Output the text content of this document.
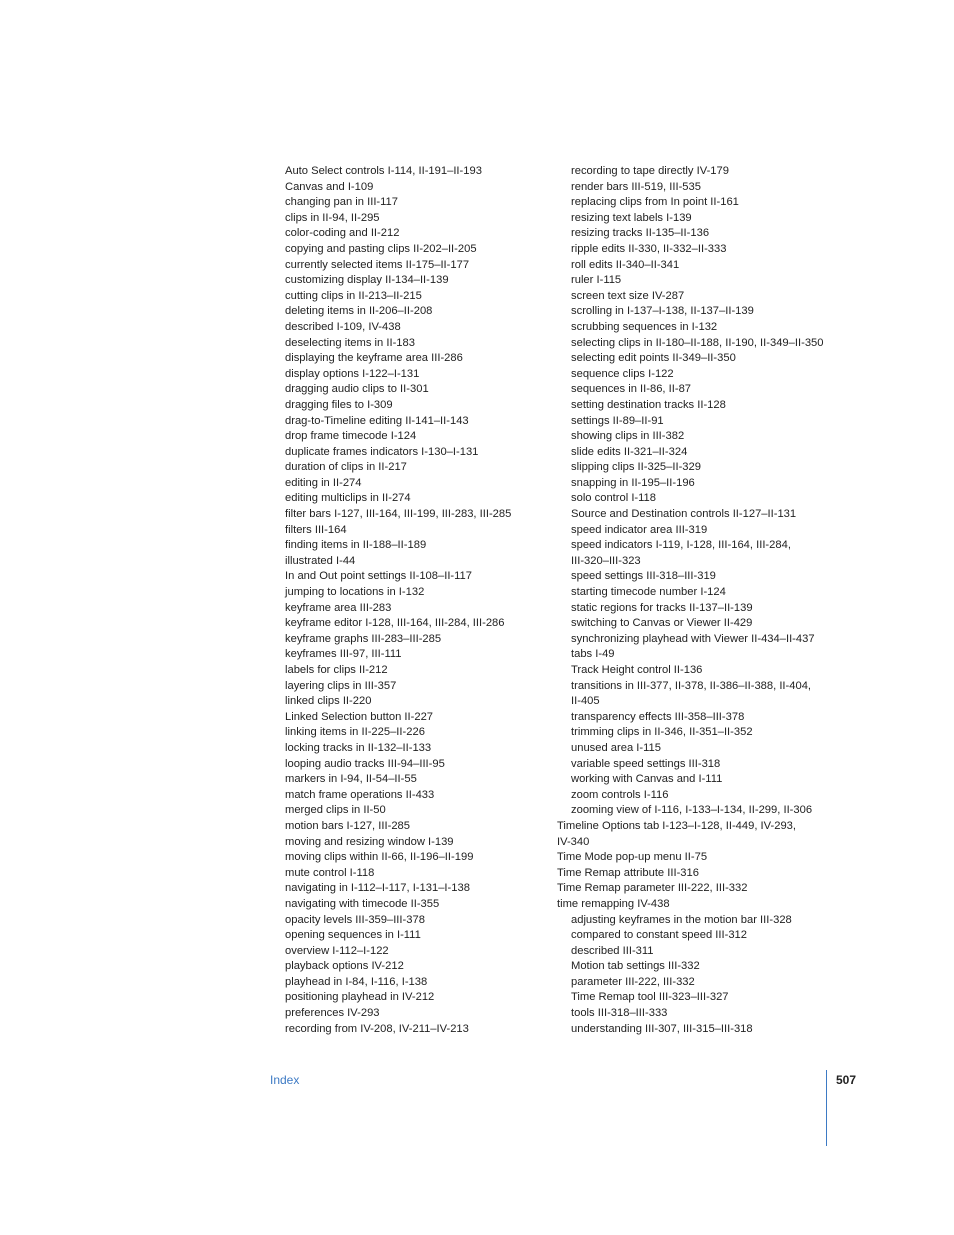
Auto Select controls I-114, II-191–II-193
Canvas and I-109
changing pan in III-117
clips in II-94, II-295
color-coding and II-212
copying and pasting clips II-202–II-205
currently selected items II-175–II-177
customizing display II-134–II-139
cutting clips in II-213–II-215
deleting items in II-206–II-208
described I-109, IV-438
deselecting items in II-183
displaying the keyframe area III-286
display options I-122–I-131
dragging audio clips to II-301
dragging files to I-309
drag-to-Timeline editing II-141–II-143
drop frame timecode I-124
duplicate frames indicators I-130–I-131
duration of clips in II-217
editing in II-274
editing multiclips in II-274
filter bars I-127, III-164, III-199, III-283, III-285
filters III-164
finding items in II-188–II-189
illustrated I-44
In and Out point settings II-108–II-117
jumping to locations in I-132
keyframe area III-283
keyframe editor I-128, III-164, III-284, III-286
keyframe graphs III-283–III-285
keyframes III-97, III-111
labels for clips II-212
layering clips in III-357
linked clips II-220
Linked Selection button II-227
linking items in II-225–II-226
locking tracks in II-132–II-133
looping audio tracks III-94–III-95
markers in I-94, II-54–II-55
match frame operations II-433
merged clips in II-50
motion bars I-127, III-285
moving and resizing window I-139
moving clips within II-66, II-196–II-199
mute control I-118
navigating in I-112–I-117, I-131–I-138
navigating with timecode II-355
opacity levels III-359–III-378
opening sequences in I-111
overview I-112–I-122
playback options IV-212
playhead in I-84, I-116, I-138
positioning playhead in IV-212
preferences IV-293
recording from IV-208, IV-211–IV-213
recording to tape directly IV-179
render bars III-519, III-535
replacing clips from In point II-161
resizing text labels I-139
resizing tracks II-135–II-136
ripple edits II-330, II-332–II-333
roll edits II-340–II-341
ruler I-115
screen text size IV-287
scrolling in I-137–I-138, II-137–II-139
scrubbing sequences in I-132
selecting clips in II-180–II-188, II-190, II-349–II-350
selecting edit points II-349–II-350
sequence clips I-122
sequences in II-86, II-87
setting destination tracks II-128
settings II-89–II-91
showing clips in III-382
slide edits II-321–II-324
slipping clips II-325–II-329
snapping in II-195–II-196
solo control I-118
Source and Destination controls II-127–II-131
speed indicator area III-319
speed indicators I-119, I-128, III-164, III-284,
III-320–III-323
speed settings III-318–III-319
starting timecode number I-124
static regions for tracks II-137–II-139
switching to Canvas or Viewer II-429
synchronizing playhead with Viewer II-434–II-437
tabs I-49
Track Height control II-136
transitions in III-377, II-378, II-386–II-388, II-404,
II-405
transparency effects III-358–III-378
trimming clips in II-346, II-351–II-352
unused area I-115
variable speed settings III-318
working with Canvas and I-111
zoom controls I-116
zooming view of I-116, I-133–I-134, II-299, II-306
Timeline Options tab I-123–I-128, II-449, IV-293,
IV-340
Time Mode pop-up menu II-75
Time Remap attribute III-316
Time Remap parameter III-222, III-332
time remapping IV-438
adjusting keyframes in the motion bar III-328
compared to constant speed III-312
described III-311
Motion tab settings III-332
parameter III-222, III-332
Time Remap tool III-323–III-327
tools III-318–III-333
understanding III-307, III-315–III-318
Index	507
